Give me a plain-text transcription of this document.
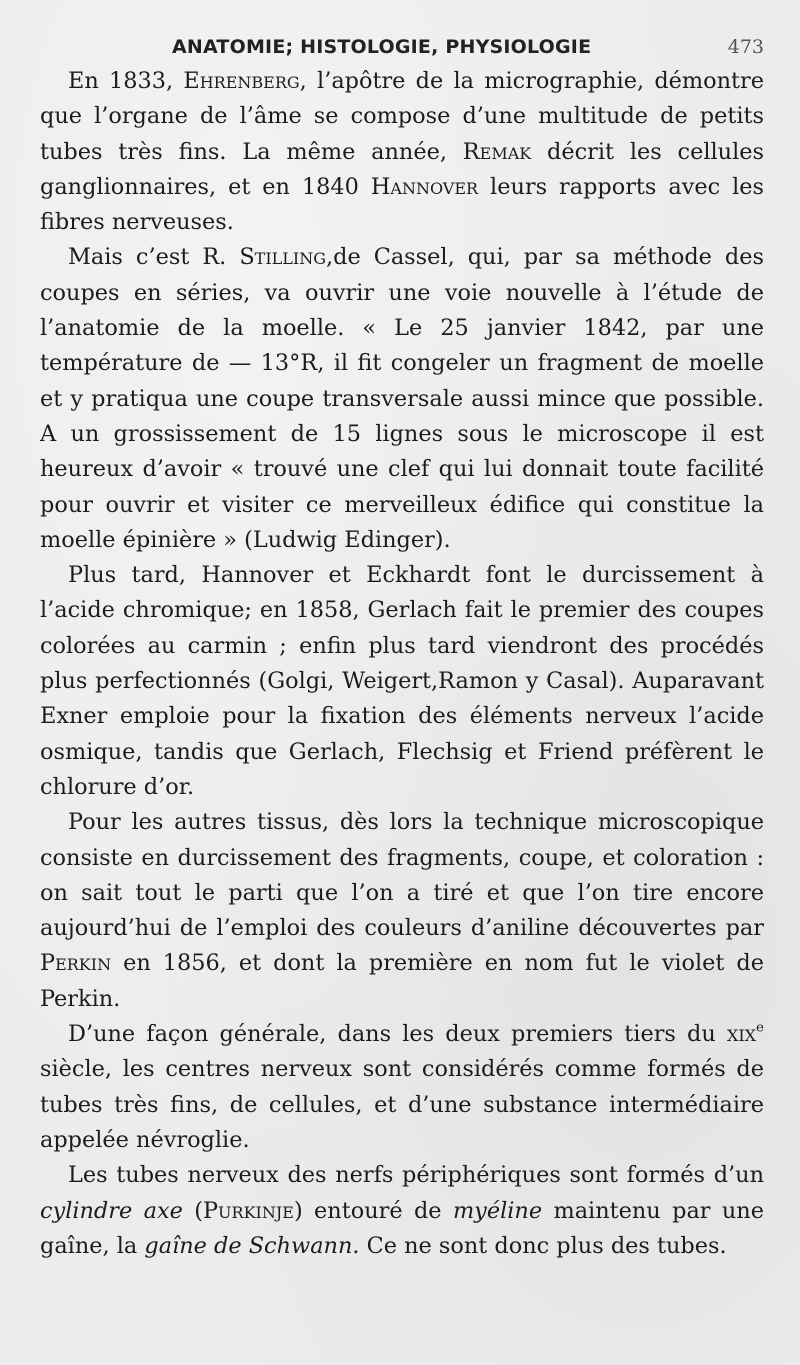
ANATOMIE; HISTOLOGIE, PHYSIOLOGIE	473

En 1833, Ehrenberg, l’apôtre de la micrographie, démontre que l’organe de l’âme se compose d’une multitude de petits tubes très fins. La même année, Remak décrit les cellules ganglionnaires, et en 1840 Hannover leurs rapports avec les fibres nerveuses.

Mais c’est R. Stilling,de Cassel, qui, par sa méthode des coupes en séries, va ouvrir une voie nouvelle à l’étude de l’anatomie de la moelle. « Le 25 janvier 1842, par une température de — 13°R, il fit congeler un fragment de moelle et y pratiqua une coupe transversale aussi mince que possible. A un grossissement de 15 lignes sous le microscope il est heureux d’avoir « trouvé une clef qui lui donnait toute facilité pour ouvrir et visiter ce merveilleux édifice qui constitue la moelle épinière » (Ludwig Edinger).

Plus tard, Hannover et Eckhardt font le durcissement à l’acide chromique; en 1858, Gerlach fait le premier des coupes colorées au carmin ; enfin plus tard viendront des procédés plus perfectionnés (Golgi, Weigert,Ramon y Casal). Auparavant Exner emploie pour la fixation des éléments nerveux l’acide osmique, tandis que Gerlach, Flechsig et Friend préfèrent le chlorure d’or.

Pour les autres tissus, dès lors la technique microscopique consiste en durcissement des fragments, coupe, et coloration : on sait tout le parti que l’on a tiré et que l’on tire encore aujourd’hui de l’emploi des couleurs d’aniline découvertes par Perkin en 1856, et dont la première en nom fut le violet de Perkin.

D’une façon générale, dans les deux premiers tiers du xix$^e$ siècle, les centres nerveux sont considérés comme formés de tubes très fins, de cellules, et d’une substance intermédiaire appelée névroglie.

Les tubes nerveux des nerfs périphériques sont formés d’un cylindre axe (Purkinje) entouré de myéline maintenu par une gaîne, la gaîne de Schwann. Ce ne sont donc plus des tubes.
